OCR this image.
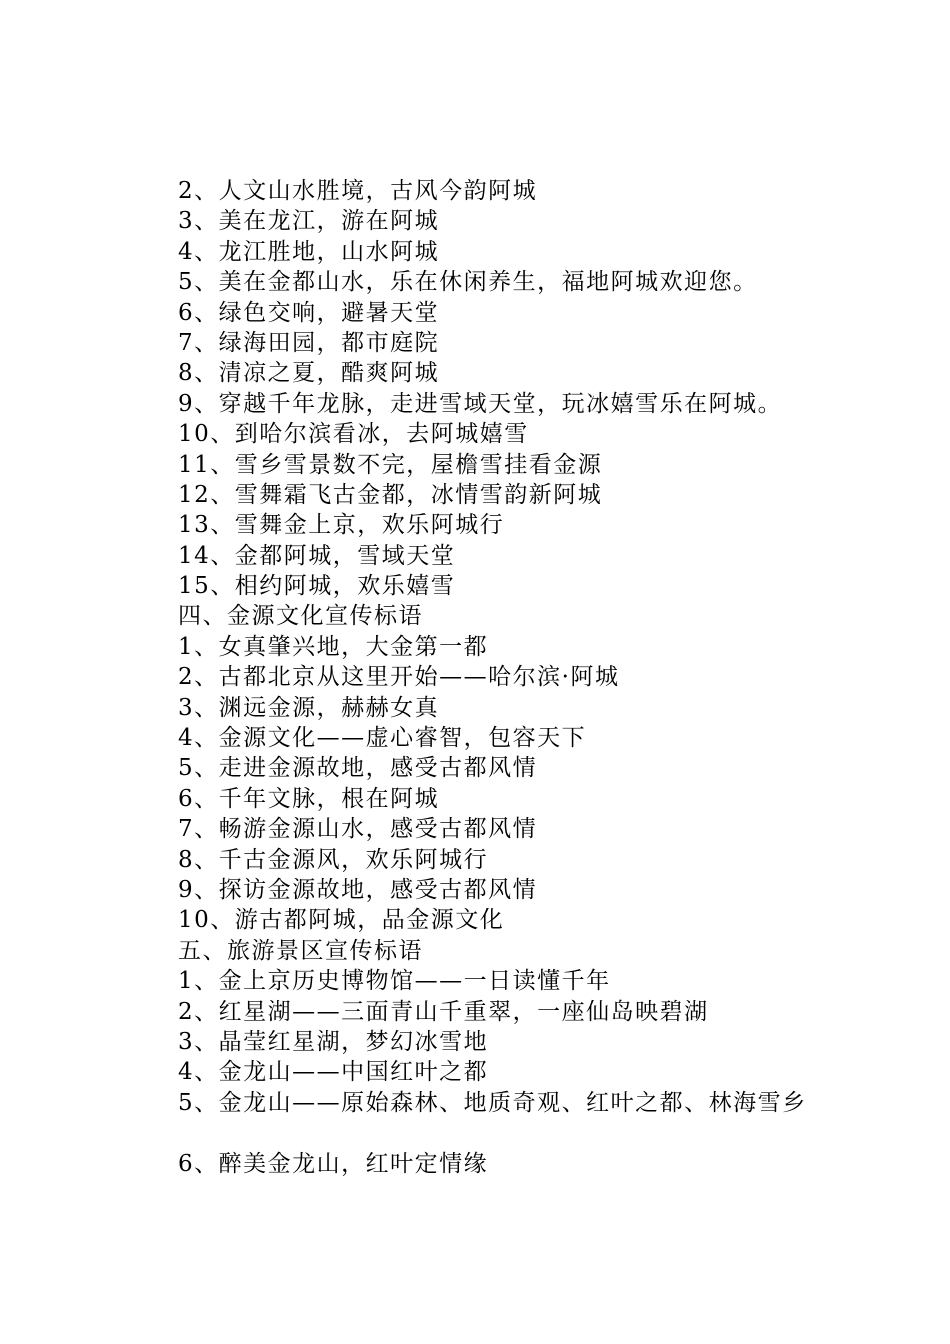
2、人文山水胜境，古风今韵阿城
3、美在龙江，游在阿城
4、龙江胜地，山水阿城
5、美在金都山水，乐在休闲养生，福地阿城欢迎您。
6、绿色交响，避暑天堂
7、绿海田园，都市庭院
8、清凉之夏，酷爽阿城
9、穿越千年龙脉，走进雪域天堂，玩冰嬉雪乐在阿城。
10、到哈尔滨看冰，去阿城嬉雪
11、雪乡雪景数不完，屋檐雪挂看金源
12、雪舞霜飞古金都，冰情雪韵新阿城
13、雪舞金上京，欢乐阿城行
14、金都阿城，雪域天堂
15、相约阿城，欢乐嬉雪
四、金源文化宣传标语
1、女真肇兴地，大金第一都
2、古都北京从这里开始——哈尔滨·阿城
3、渊远金源，赫赫女真
4、金源文化——虚心睿智，包容天下
5、走进金源故地，感受古都风情
6、千年文脉，根在阿城
7、畅游金源山水，感受古都风情
8、千古金源风，欢乐阿城行
9、探访金源故地，感受古都风情
10、游古都阿城，品金源文化
五、旅游景区宣传标语
1、金上京历史博物馆——一日读懂千年
2、红星湖——三面青山千重翠，一座仙岛映碧湖
3、晶莹红星湖，梦幻冰雪地
4、金龙山——中国红叶之都
5、金龙山——原始森林、地质奇观、红叶之都、林海雪乡
6、醉美金龙山，红叶定情缘
